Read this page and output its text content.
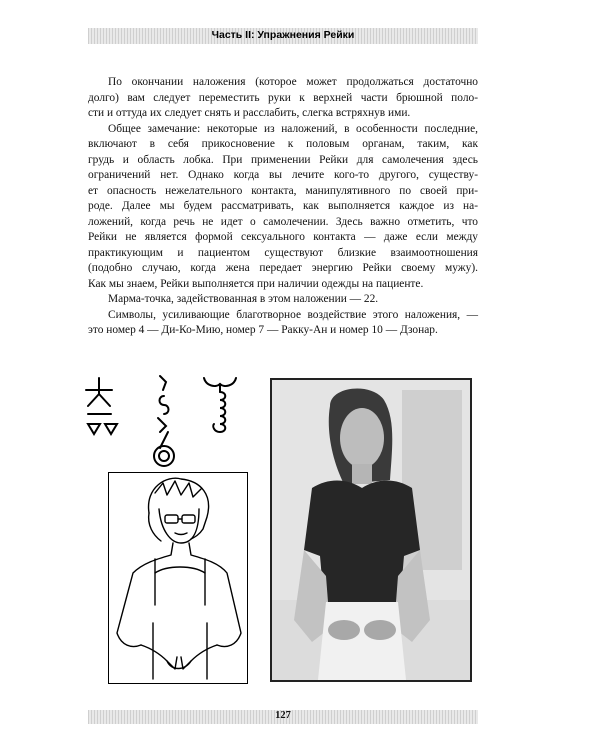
Часть II: Упражнения Рейки

По окончании наложения (которое может продолжаться достаточно

долго) вам следует переместить руки к верхней части брюшной поло-

сти и оттуда их следует снять и расслабить, слегка встряхнув ими.

Общее замечание: некоторые из наложений, в особенности последние,

включают в себя прикосновение к половым органам, таким, как

грудь и область лобка. При применении Рейки для самолечения здесь

ограничений нет. Однако когда вы лечите кого-то другого, существу-

ет опасность нежелательного контакта, манипулятивного по своей при-

роде. Далее мы будем рассматривать, как выполняется каждое из на-

ложений, когда речь не идет о самолечении. Здесь важно отметить, что

Рейки не является формой сексуального контакта — даже если между

практикующим и пациентом существуют близкие взаимоотношения

(подобно случаю, когда жена передает энергию Рейки своему мужу).

Как мы знаем, Рейки выполняется при наличии одежды на пациенте.

Марма-точка, задействованная в этом наложении — 22.

Символы, усиливающие благотворное воздействие этого наложения, —

это номер 4 — Ди-Ко-Мию, номер 7 — Ракку-Ан и номер 10 — Дзонар.

127
